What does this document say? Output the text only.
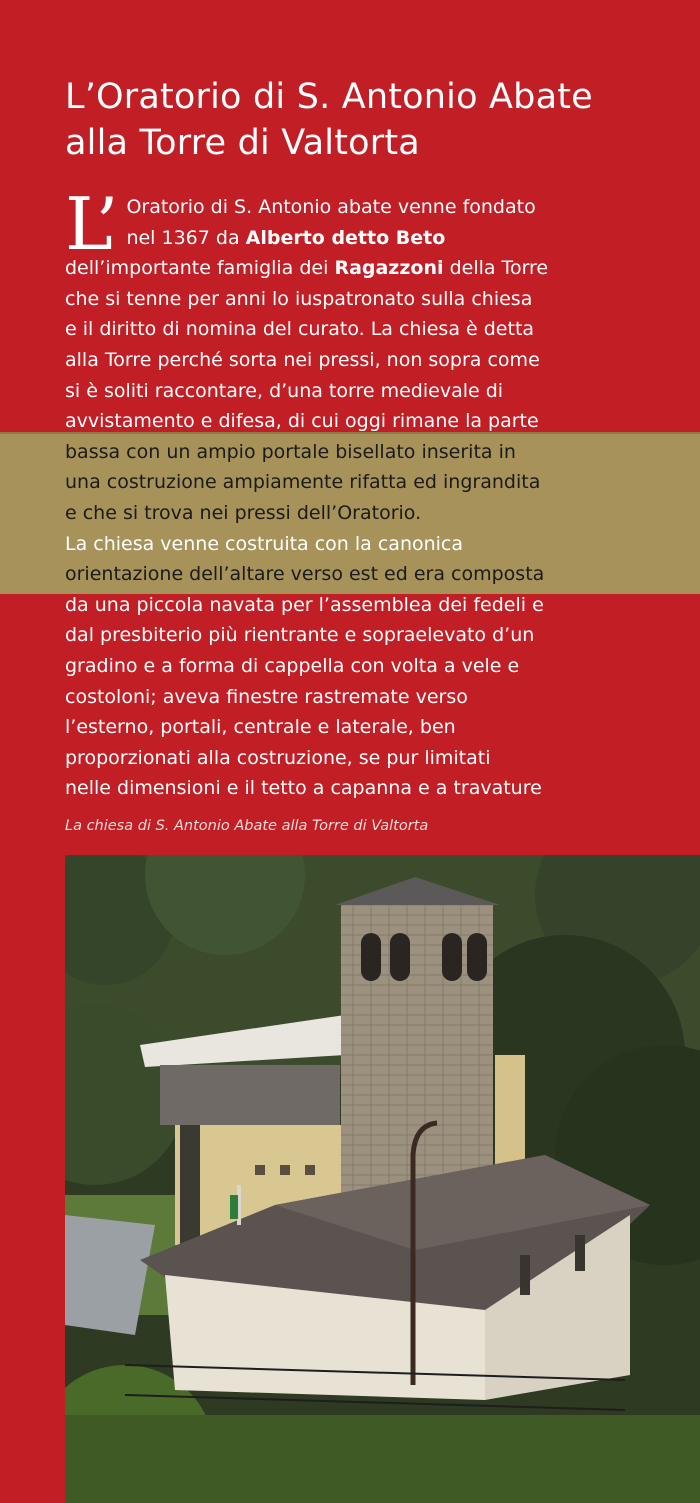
L’Oratorio di S. Antonio Abate
alla Torre di Valtorta
L’ Oratorio di S. Antonio abate venne fondato
nel 1367 da Alberto detto Beto
dell’importante famiglia dei Ragazzoni della Torre
che si tenne per anni lo iuspatronato sulla chiesa
e il diritto di nomina del curato. La chiesa è detta
alla Torre perché sorta nei pressi, non sopra come
si è soliti raccontare, d’una torre medievale di
avvistamento e difesa, di cui oggi rimane la parte
bassa con un ampio portale bisellato inserita in
una costruzione ampiamente rifatta ed ingrandita
e che si trova nei pressi dell’Oratorio.
La chiesa venne costruita con la canonica
orientazione dell’altare verso est ed era composta
da una piccola navata per l’assemblea dei fedeli e
dal presbiterio più rientrante e sopraelevato d’un
gradino e a forma di cappella con volta a vele e
costoloni; aveva finestre rastremate verso
l’esterno, portali, centrale e laterale, ben
proporzionati alla costruzione, se pur limitati
nelle dimensioni e il tetto a capanna e a travature
La chiesa di S. Antonio Abate alla Torre di Valtorta
